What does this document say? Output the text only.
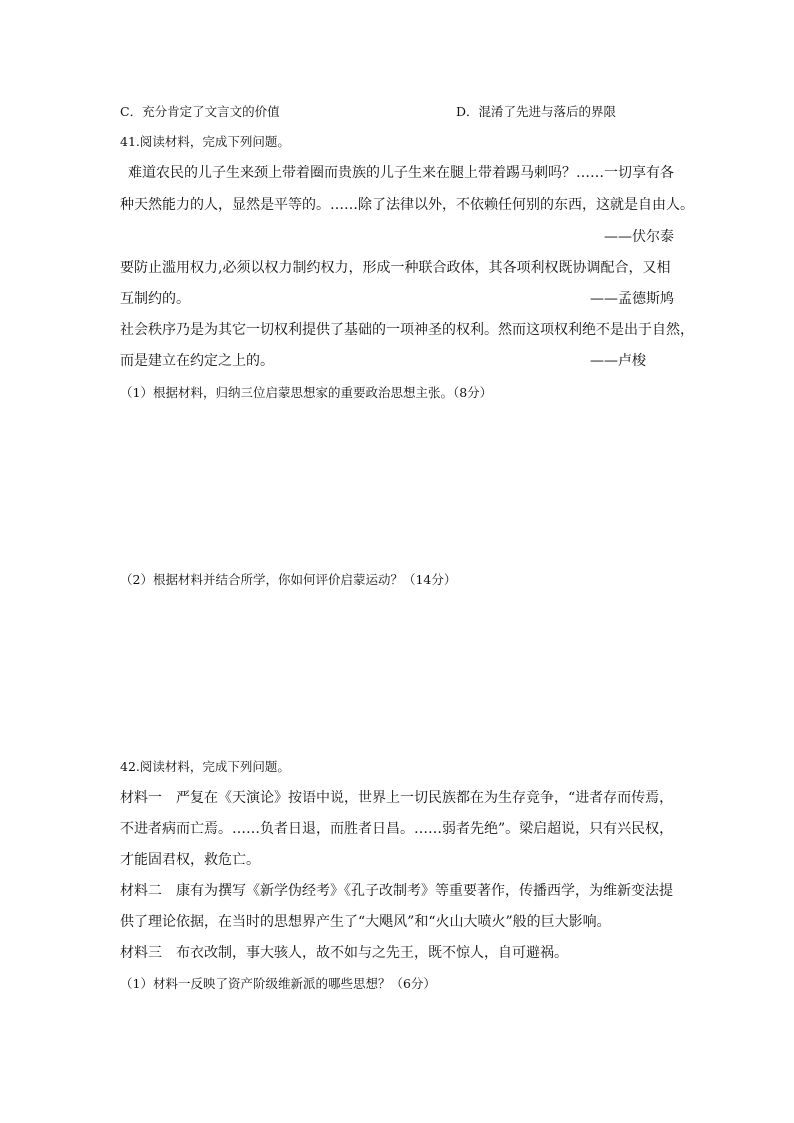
C．充分肯定了文言文的价值	D．混淆了先进与落后的界限
41.阅读材料，完成下列问题。
难道农民的儿子生来颈上带着圈而贵族的儿子生来在腿上带着踢马刺吗？……一切享有各
种天然能力的人，显然是平等的。……除了法律以外，不依赖任何别的东西，这就是自由人。
——伏尔泰
要防止滥用权力,必须以权力制约权力，形成一种联合政体，其各项利权既协调配合，又相
互制约的。	——孟德斯鸠
社会秩序乃是为其它一切权利提供了基础的一项神圣的权利。然而这项权利绝不是出于自然，
而是建立在约定之上的。	——卢梭
（1）根据材料，归纳三位启蒙思想家的重要政治思想主张。（8分）
（2）根据材料并结合所学，你如何评价启蒙运动？（14分）
42.阅读材料，完成下列问题。
材料一　严复在《天演论》按语中说，世界上一切民族都在为生存竞争，“进者存而传焉，
不进者病而亡焉。……负者日退，而胜者日昌。……弱者先绝”。梁启超说，只有兴民权，
才能固君权，救危亡。
材料二　康有为撰写《新学伪经考》《孔子改制考》等重要著作，传播西学，为维新变法提
供了理论依据，在当时的思想界产生了“大飓风”和“火山大喷火”般的巨大影响。
材料三　布衣改制，事大骇人，故不如与之先王，既不惊人，自可避祸。
（1）材料一反映了资产阶级维新派的哪些思想？（6分）
